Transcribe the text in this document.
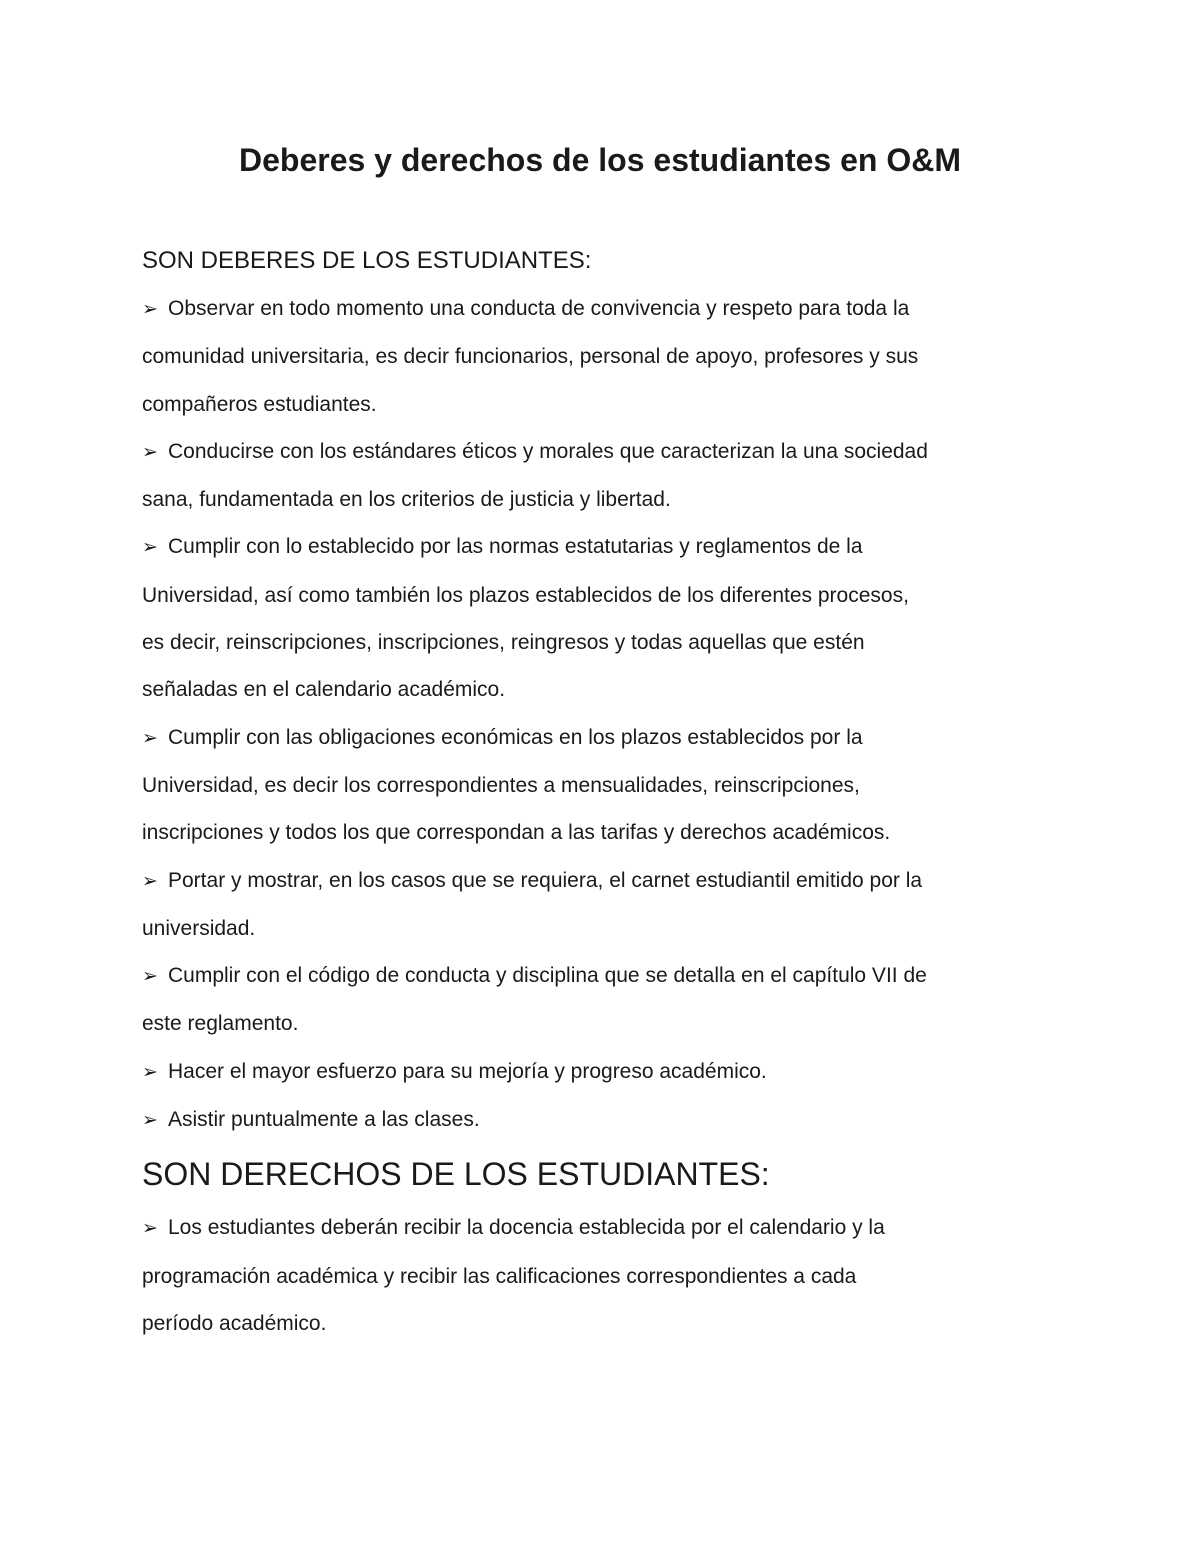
Deberes y derechos de los estudiantes en O&M
SON DEBERES DE LOS ESTUDIANTES:
➢ Observar en todo momento una conducta de convivencia y respeto para toda la
comunidad universitaria, es decir funcionarios, personal de apoyo, profesores y sus
compañeros estudiantes.
➢ Conducirse con los estándares éticos y morales que caracterizan la una sociedad
sana, fundamentada en los criterios de justicia y libertad.
➢ Cumplir con lo establecido por las normas estatutarias y reglamentos de la
Universidad, así como también los plazos establecidos de los diferentes procesos,
es decir, reinscripciones, inscripciones, reingresos y todas aquellas que estén
señaladas en el calendario académico.
➢ Cumplir con las obligaciones económicas en los plazos establecidos por la
Universidad, es decir los correspondientes a mensualidades, reinscripciones,
inscripciones y todos los que correspondan a las tarifas y derechos académicos.
➢ Portar y mostrar, en los casos que se requiera, el carnet estudiantil emitido por la
universidad.
➢ Cumplir con el código de conducta y disciplina que se detalla en el capítulo VII de
este reglamento.
➢ Hacer el mayor esfuerzo para su mejoría y progreso académico.
➢ Asistir puntualmente a las clases.
SON DERECHOS DE LOS ESTUDIANTES:
➢ Los estudiantes deberán recibir la docencia establecida por el calendario y la
programación académica y recibir las calificaciones correspondientes a cada
período académico.
